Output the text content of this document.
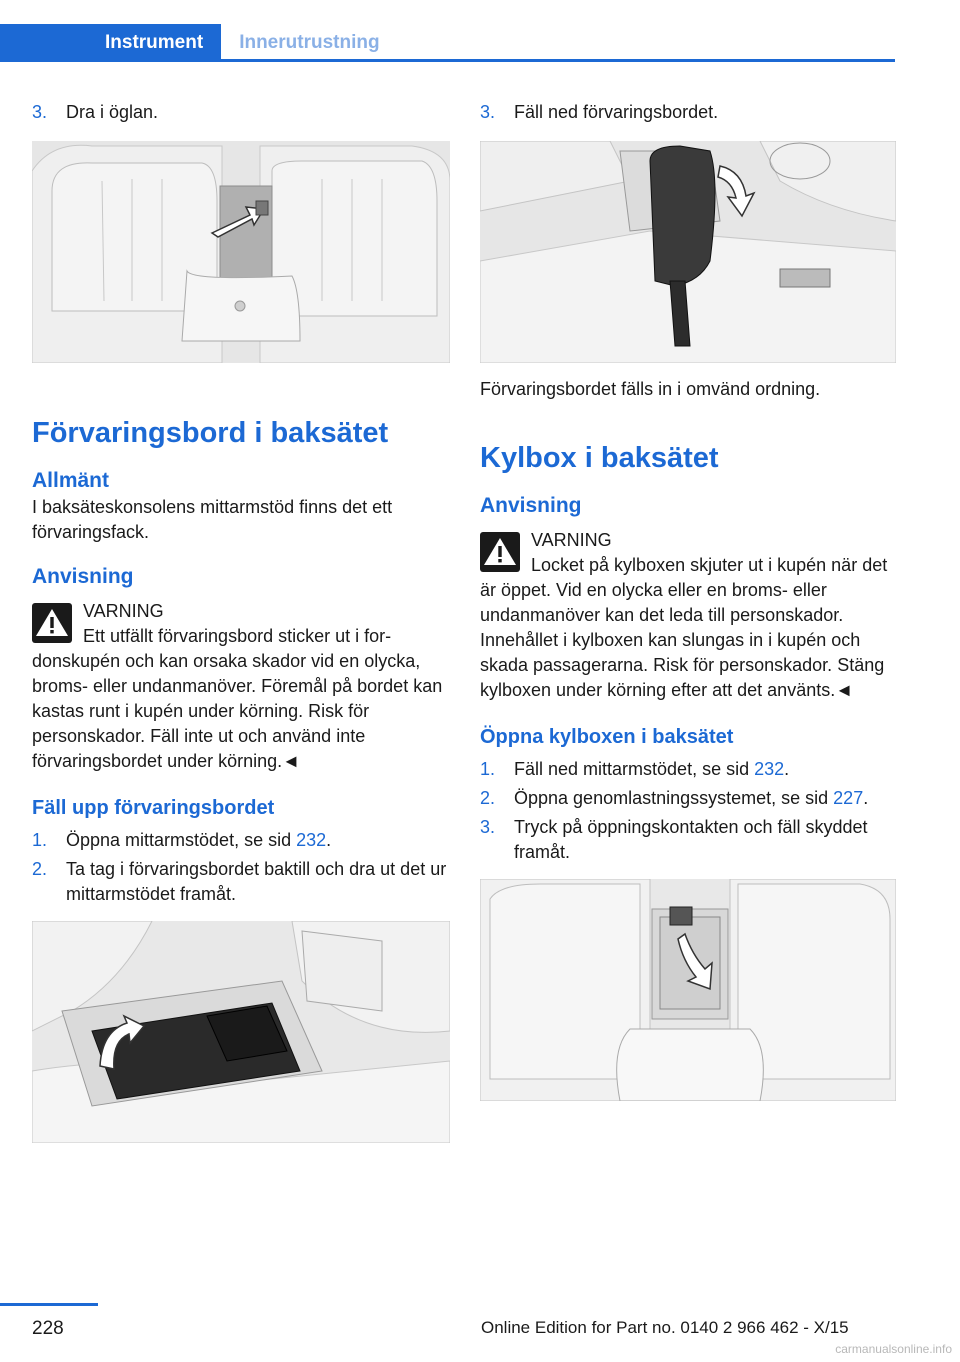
Instrument	Innerutrustning
3.	Dra i öglan.
Förvaringsbord i baksätet
Allmänt
I baksäteskonsolens mittarmstöd finns det ett förvaringsfack.
Anvisning
VARNING
Ett utfällt förvaringsbord sticker ut i fordonskupén och kan orsaka skador vid en olycka, broms- eller undanmanöver. Föremål på bordet kan kastas runt i kupén under körning. Risk för personskador. Fäll inte ut och använd inte förvaringsbordet under körning.◄
Fäll upp förvaringsbordet
1.	Öppna mittarmstödet, se sid 232.
2.	Ta tag i förvaringsbordet baktill och dra ut det ur mittarmstödet framåt.
3.	Fäll ned förvaringsbordet.
Förvaringsbordet fälls in i omvänd ordning.
Kylbox i baksätet
Anvisning
VARNING
Locket på kylboxen skjuter ut i kupén när det är öppet. Vid en olycka eller en broms- eller undanmanöver kan det leda till personskador. Innehållet i kylboxen kan slungas in i kupén och skada passagerarna. Risk för personskador. Stäng kylboxen under körning efter att det använts.◄
Öppna kylboxen i baksätet
1.	Fäll ned mittarmstödet, se sid 232.
2.	Öppna genomlastningssystemet, se sid 227.
3.	Tryck på öppningskontakten och fäll skyddet framåt.
228	Online Edition for Part no. 0140 2 966 462 - X/15
carmanualsonline.info
